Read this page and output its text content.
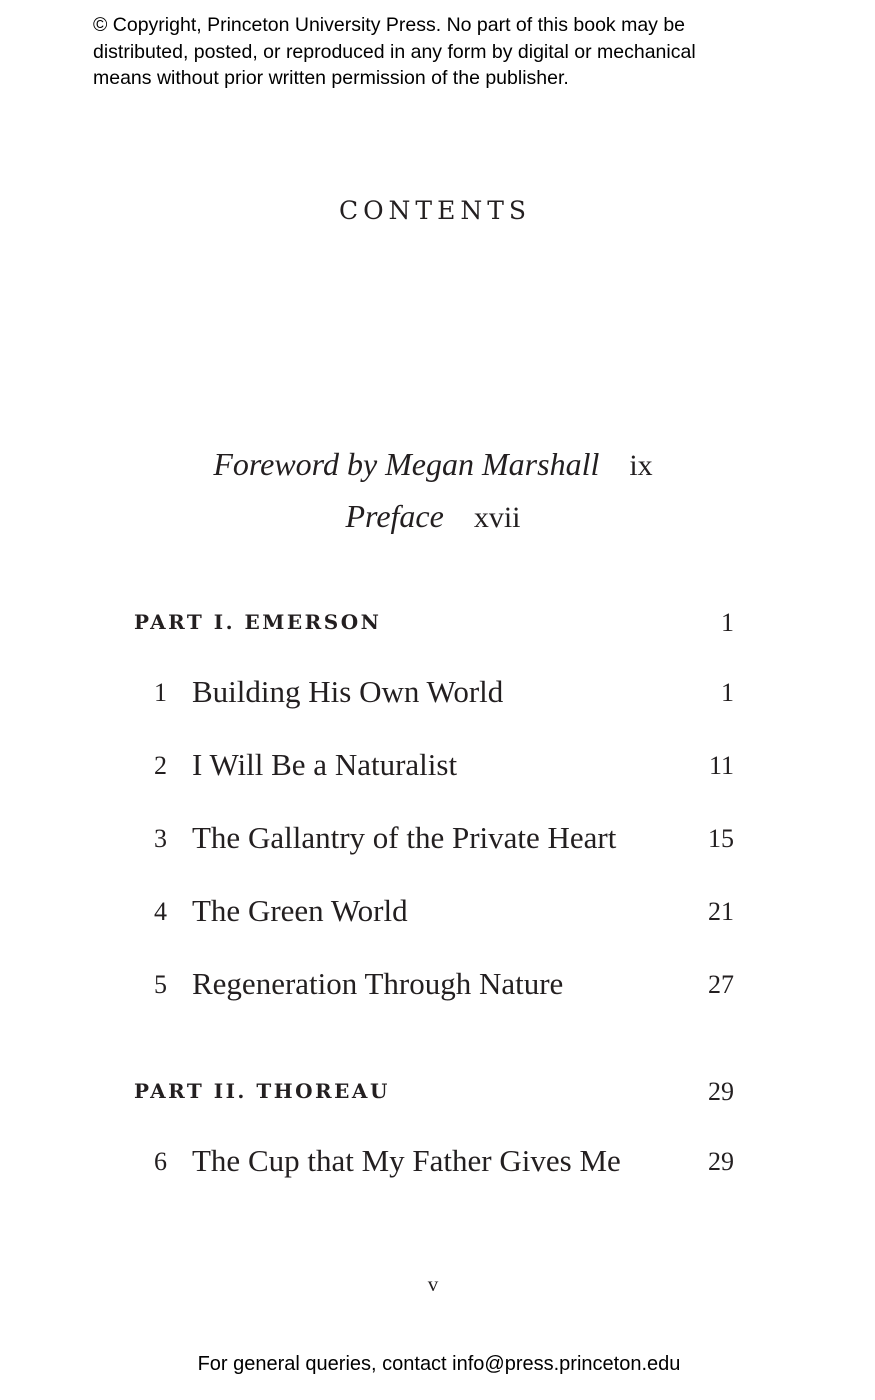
© Copyright, Princeton University Press. No part of this book may be
distributed, posted, or reproduced in any form by digital or mechanical
means without prior written permission of the publisher.
CONTENTS
Foreword by Megan Marshall ix
Preface xvii
PART I. EMERSON	1
1 Building His Own World	1
2 I Will Be a Naturalist	11
3 The Gallantry of the Private Heart	15
4 The Green World	21
5 Regeneration Through Nature	27
PART II. THOREAU	29
6 The Cup that My Father Gives Me	29
v
For general queries, contact info@press.princeton.edu
